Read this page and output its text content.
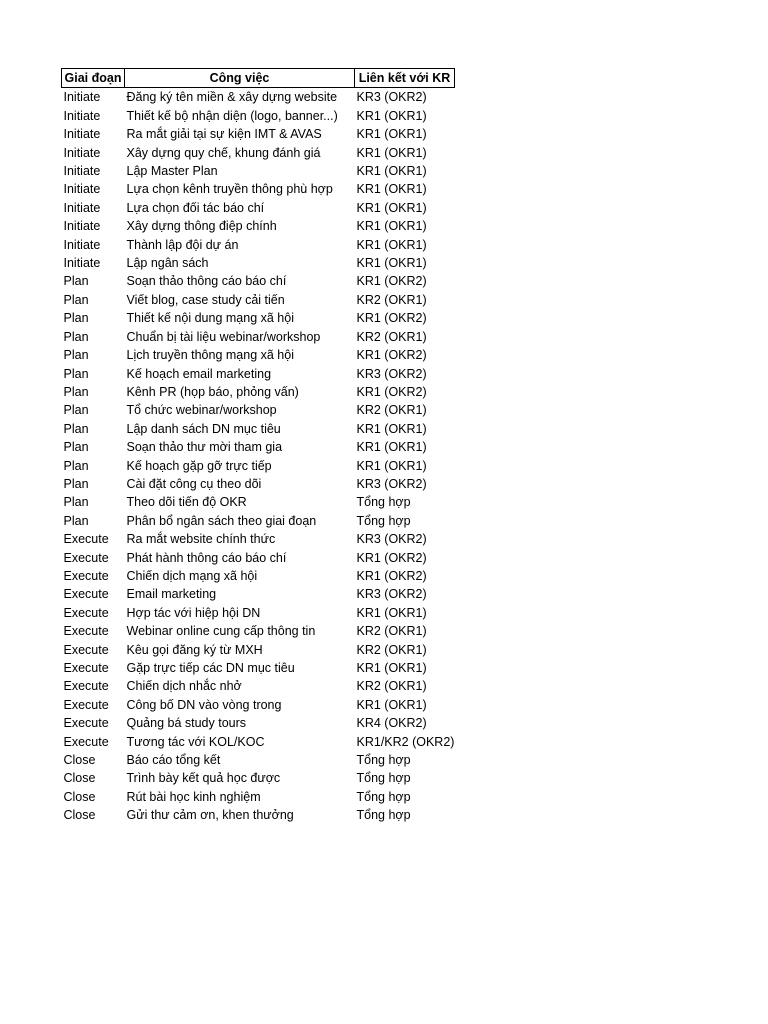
Giai đoạn	Công việc	Liên kết với KR
Initiate	Đăng ký tên miền & xây dựng website	KR3 (OKR2)
Initiate	Thiết kế bộ nhận diện (logo, banner...)	KR1 (OKR1)
Initiate	Ra mắt giải tại sự kiện IMT & AVAS	KR1 (OKR1)
Initiate	Xây dựng quy chế, khung đánh giá	KR1 (OKR1)
Initiate	Lập Master Plan	KR1 (OKR1)
Initiate	Lựa chọn kênh truyền thông phù hợp	KR1 (OKR1)
Initiate	Lựa chọn đối tác báo chí	KR1 (OKR1)
Initiate	Xây dựng thông điệp chính	KR1 (OKR1)
Initiate	Thành lập đội dự án	KR1 (OKR1)
Initiate	Lập ngân sách	KR1 (OKR1)
Plan	Soạn thảo thông cáo báo chí	KR1 (OKR2)
Plan	Viết blog, case study cải tiến	KR2 (OKR1)
Plan	Thiết kế nội dung mạng xã hội	KR1 (OKR2)
Plan	Chuẩn bị tài liệu webinar/workshop	KR2 (OKR1)
Plan	Lịch truyền thông mạng xã hội	KR1 (OKR2)
Plan	Kế hoạch email marketing	KR3 (OKR2)
Plan	Kênh PR (họp báo, phỏng vấn)	KR1 (OKR2)
Plan	Tổ chức webinar/workshop	KR2 (OKR1)
Plan	Lập danh sách DN mục tiêu	KR1 (OKR1)
Plan	Soạn thảo thư mời tham gia	KR1 (OKR1)
Plan	Kế hoạch gặp gỡ trực tiếp	KR1 (OKR1)
Plan	Cài đặt công cụ theo dõi	KR3 (OKR2)
Plan	Theo dõi tiến độ OKR	Tổng hợp
Plan	Phân bổ ngân sách theo giai đoạn	Tổng hợp
Execute	Ra mắt website chính thức	KR3 (OKR2)
Execute	Phát hành thông cáo báo chí	KR1 (OKR2)
Execute	Chiến dịch mạng xã hội	KR1 (OKR2)
Execute	Email marketing	KR3 (OKR2)
Execute	Hợp tác với hiệp hội DN	KR1 (OKR1)
Execute	Webinar online cung cấp thông tin	KR2 (OKR1)
Execute	Kêu gọi đăng ký từ MXH	KR2 (OKR1)
Execute	Gặp trực tiếp các DN mục tiêu	KR1 (OKR1)
Execute	Chiến dịch nhắc nhở	KR2 (OKR1)
Execute	Công bố DN vào vòng trong	KR1 (OKR1)
Execute	Quảng bá study tours	KR4 (OKR2)
Execute	Tương tác với KOL/KOC	KR1/KR2 (OKR2)
Close	Báo cáo tổng kết	Tổng hợp
Close	Trình bày kết quả học được	Tổng hợp
Close	Rút bài học kinh nghiệm	Tổng hợp
Close	Gửi thư cảm ơn, khen thưởng	Tổng hợp
